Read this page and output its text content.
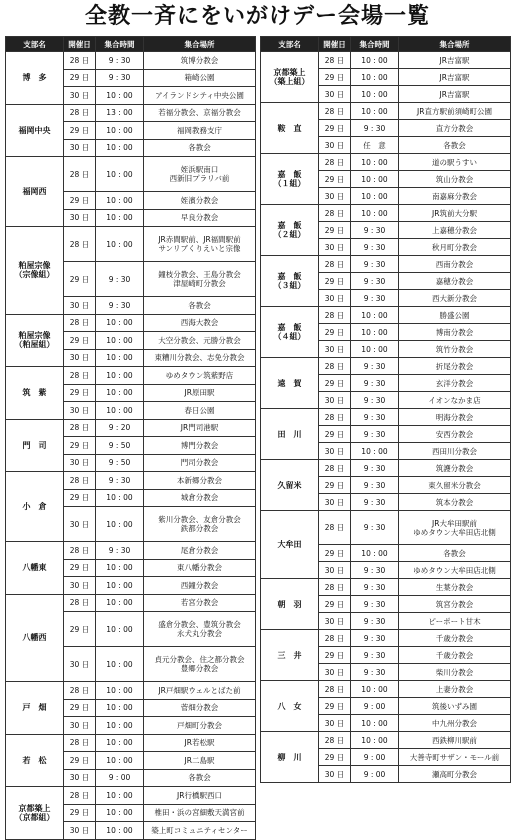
全教一斉にをいがけデー会場一覧
支部名	開催日	集合時間	集合場所
博　多	28 日	9 : 30	筑博分教会
	29 日	9 : 30	箱崎公園
	30 日	10 : 00	アイランドシティ中央公園
福岡中央	28 日	13 : 00	若福分教会、京福分教会
	29 日	10 : 00	福岡教務支庁
	30 日	10 : 00	各教会
福岡西	28 日	10 : 00	姪浜駅南口
西新旧プラリバ前
	29 日	10 : 00	姪濱分教会
	30 日	10 : 00	早良分教会
粕屋宗像
（宗像組）	28 日	10 : 00	JR赤間駅前、JR福間駅前
サンリブくりえいと宗像
	29 日	9 : 30	鐘枝分教会、王島分教会
津屋崎町分教会
	30 日	9 : 30	各教会
粕屋宗像
（粕屋組）	28 日	10 : 00	西海大教会
	29 日	10 : 00	大空分教会、元勝分教会
	30 日	10 : 00	東糟川分教会、志免分教会
筑　紫	28 日	10 : 00	ゆめタウン筑紫野店
	29 日	10 : 00	JR原田駅
	30 日	10 : 00	春日公園
門　司	28 日	9 : 20	JR門司港駅
	29 日	9 : 50	博門分教会
	30 日	9 : 50	門司分教会
小　倉	28 日	9 : 30	本新郷分教会
	29 日	10 : 00	城倉分教会
	30 日	10 : 00	紫川分教会、友倉分教会
鉄都分教会
八幡東	28 日	9 : 30	尾倉分教会
	29 日	10 : 00	東八幡分教会
	30 日	10 : 00	西鐘分教会
八幡西	28 日	10 : 00	若宮分教会
	29 日	10 : 00	盛倉分教会、豊筑分教会
永犬丸分教会
	30 日	10 : 00	貞元分教会、住之都分教会
豊郷分教会
戸　畑	28 日	10 : 00	JR戸畑駅ウェルとばた前
	29 日	10 : 00	菅畑分教会
	30 日	10 : 00	戸畑町分教会
若　松	28 日	10 : 00	JR若松駅
	29 日	10 : 00	JR二島駅
	30 日	9 : 00	各教会
京都築上
（京都組）	28 日	10 : 00	JR行橋駅西口
	29 日	10 : 00	椎田・浜の宮細敷天満宮前
	30 日	10 : 00	築上町コミュニティセンター
支部名	開催日	集合時間	集合場所
京都築上
（築上組）	28 日	10 : 00	JR吉富駅
	29 日	10 : 00	JR吉富駅
	30 日	10 : 00	JR吉富駅
鞍　直	28 日	10 : 00	JR直方駅前須崎町公園
	29 日	9 : 30	直方分教会
	30 日	任　意	各教会
嘉　飯
（１組）	28 日	10 : 00	道の駅うすい
	29 日	10 : 00	筑山分教会
	30 日	10 : 00	南嘉麻分教会
嘉　飯
（２組）	28 日	10 : 00	JR筑前大分駅
	29 日	9 : 30	上嘉穂分教会
	30 日	9 : 30	秋月町分教会
嘉　飯
（３組）	28 日	9 : 30	西南分教会
	29 日	9 : 30	嘉穂分教会
	30 日	9 : 30	西大新分教会
嘉　飯
（４組）	28 日	10 : 00	勝盛公園
	29 日	10 : 00	博南分教会
	30 日	10 : 00	筑竹分教会
遠　賀	28 日	9 : 30	折尾分教会
	29 日	9 : 30	玄洋分教会
	30 日	9 : 30	イオンなかま店
田　川	28 日	9 : 30	明海分教会
	29 日	9 : 30	安西分教会
	30 日	10 : 00	西田川分教会
久留米	28 日	9 : 30	筑護分教会
	29 日	9 : 30	東久留米分教会
	30 日	9 : 30	筑本分教会
大牟田	28 日	9 : 30	JR大牟田駅前
ゆめタウン大牟田店北側
	29 日	10 : 00	各教会
	30 日	9 : 30	ゆめタウン大牟田店北側
朝　羽	28 日	9 : 30	生葉分教会
	29 日	9 : 30	筑宮分教会
	30 日	9 : 30	ピーポート甘木
三　井	28 日	9 : 30	千歳分教会
	29 日	9 : 30	千歳分教会
	30 日	9 : 30	柴川分教会
八　女	28 日	10 : 00	上妻分教会
	29 日	9 : 00	筑後いずみ園
	30 日	10 : 00	中九州分教会
柳　川	28 日	10 : 00	西鉄柳川駅前
	29 日	9 : 00	大善寺町サザン・モール前
	30 日	9 : 00	瀬高町分教会
